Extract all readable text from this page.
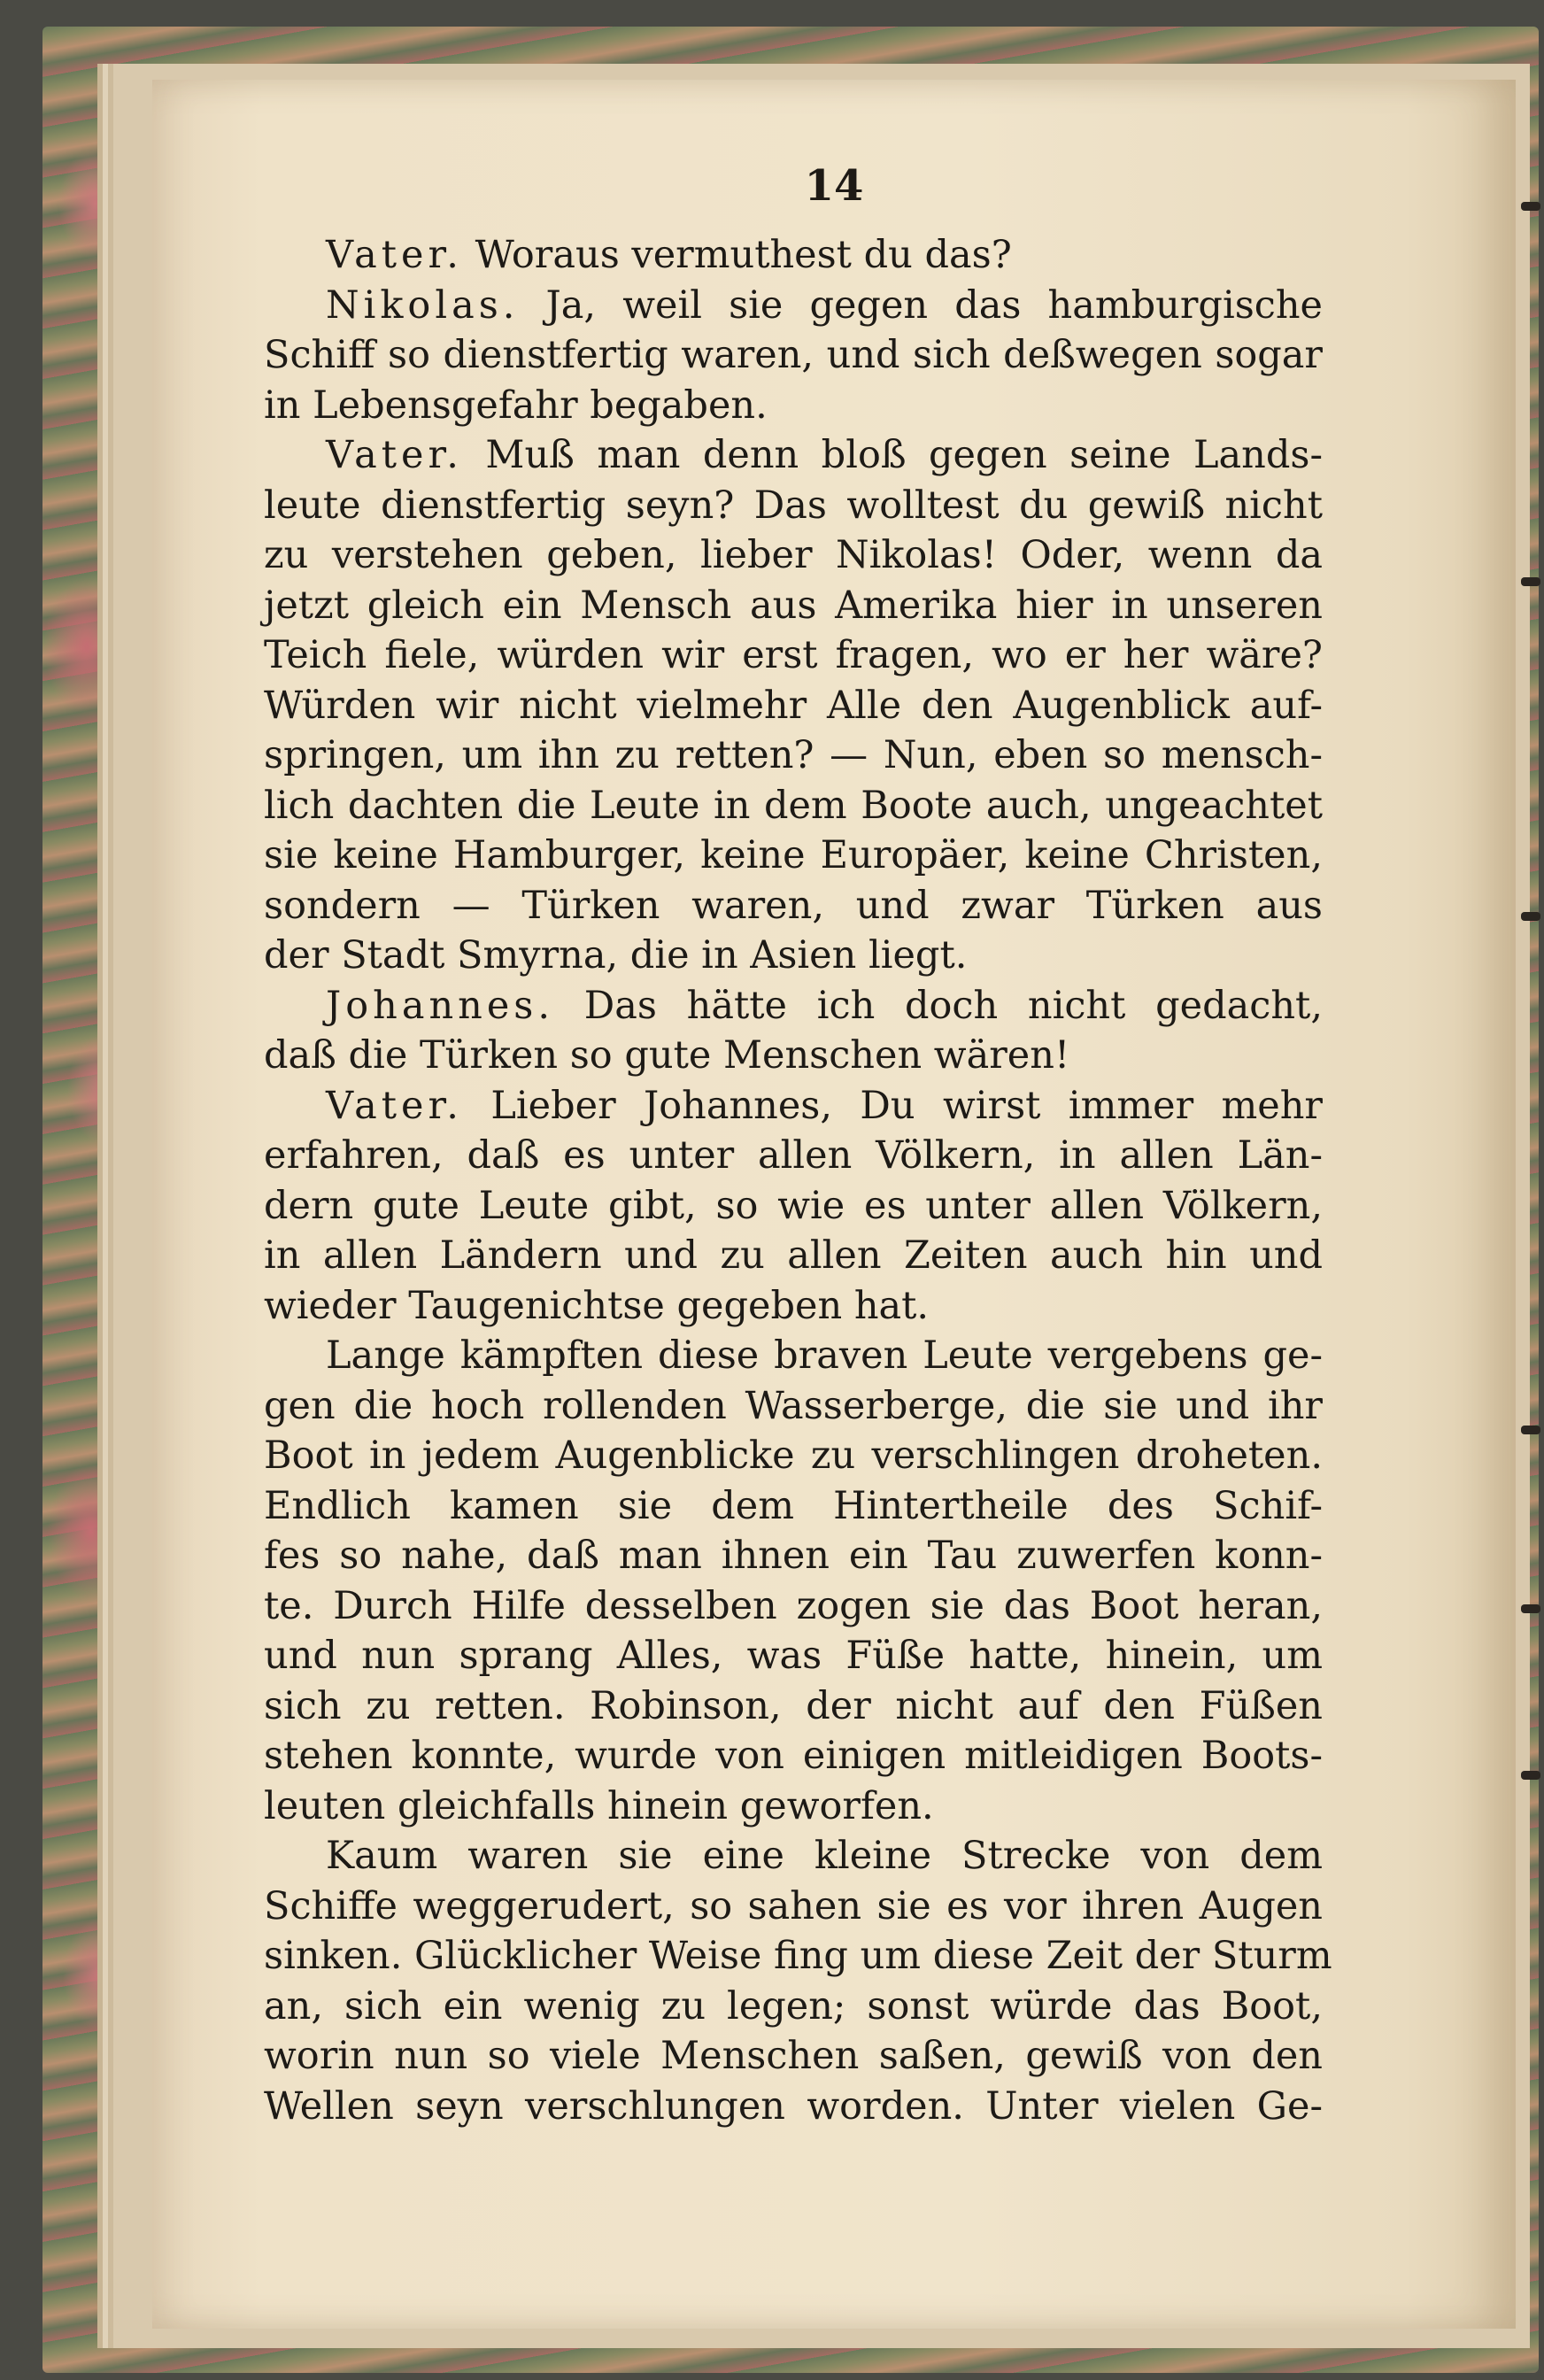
14
Vater. Woraus vermuthest du das?
Nikolas. Ja, weil sie gegen das hamburgische
Schiff so dienstfertig waren, und sich deßwegen sogar
in Lebensgefahr begaben.
Vater. Muß man denn bloß gegen seine Lands-
leute dienstfertig seyn? Das wolltest du gewiß nicht
zu verstehen geben, lieber Nikolas! Oder, wenn da
jetzt gleich ein Mensch aus Amerika hier in unseren
Teich fiele, würden wir erst fragen, wo er her wäre?
Würden wir nicht vielmehr Alle den Augenblick auf-
springen, um ihn zu retten? — Nun, eben so mensch-
lich dachten die Leute in dem Boote auch, ungeachtet
sie keine Hamburger, keine Europäer, keine Christen,
sondern — Türken waren, und zwar Türken aus
der Stadt Smyrna, die in Asien liegt.
Johannes. Das hätte ich doch nicht gedacht,
daß die Türken so gute Menschen wären!
Vater. Lieber Johannes, Du wirst immer mehr
erfahren, daß es unter allen Völkern, in allen Län-
dern gute Leute gibt, so wie es unter allen Völkern,
in allen Ländern und zu allen Zeiten auch hin und
wieder Taugenichtse gegeben hat.
Lange kämpften diese braven Leute vergebens ge-
gen die hoch rollenden Wasserberge, die sie und ihr
Boot in jedem Augenblicke zu verschlingen droheten.
Endlich kamen sie dem Hintertheile des Schif-
fes so nahe, daß man ihnen ein Tau zuwerfen konn-
te. Durch Hilfe desselben zogen sie das Boot heran,
und nun sprang Alles, was Füße hatte, hinein, um
sich zu retten. Robinson, der nicht auf den Füßen
stehen konnte, wurde von einigen mitleidigen Boots-
leuten gleichfalls hinein geworfen.
Kaum waren sie eine kleine Strecke von dem
Schiffe weggerudert, so sahen sie es vor ihren Augen
sinken. Glücklicher Weise fing um diese Zeit der Sturm
an, sich ein wenig zu legen; sonst würde das Boot,
worin nun so viele Menschen saßen, gewiß von den
Wellen seyn verschlungen worden. Unter vielen Ge-
